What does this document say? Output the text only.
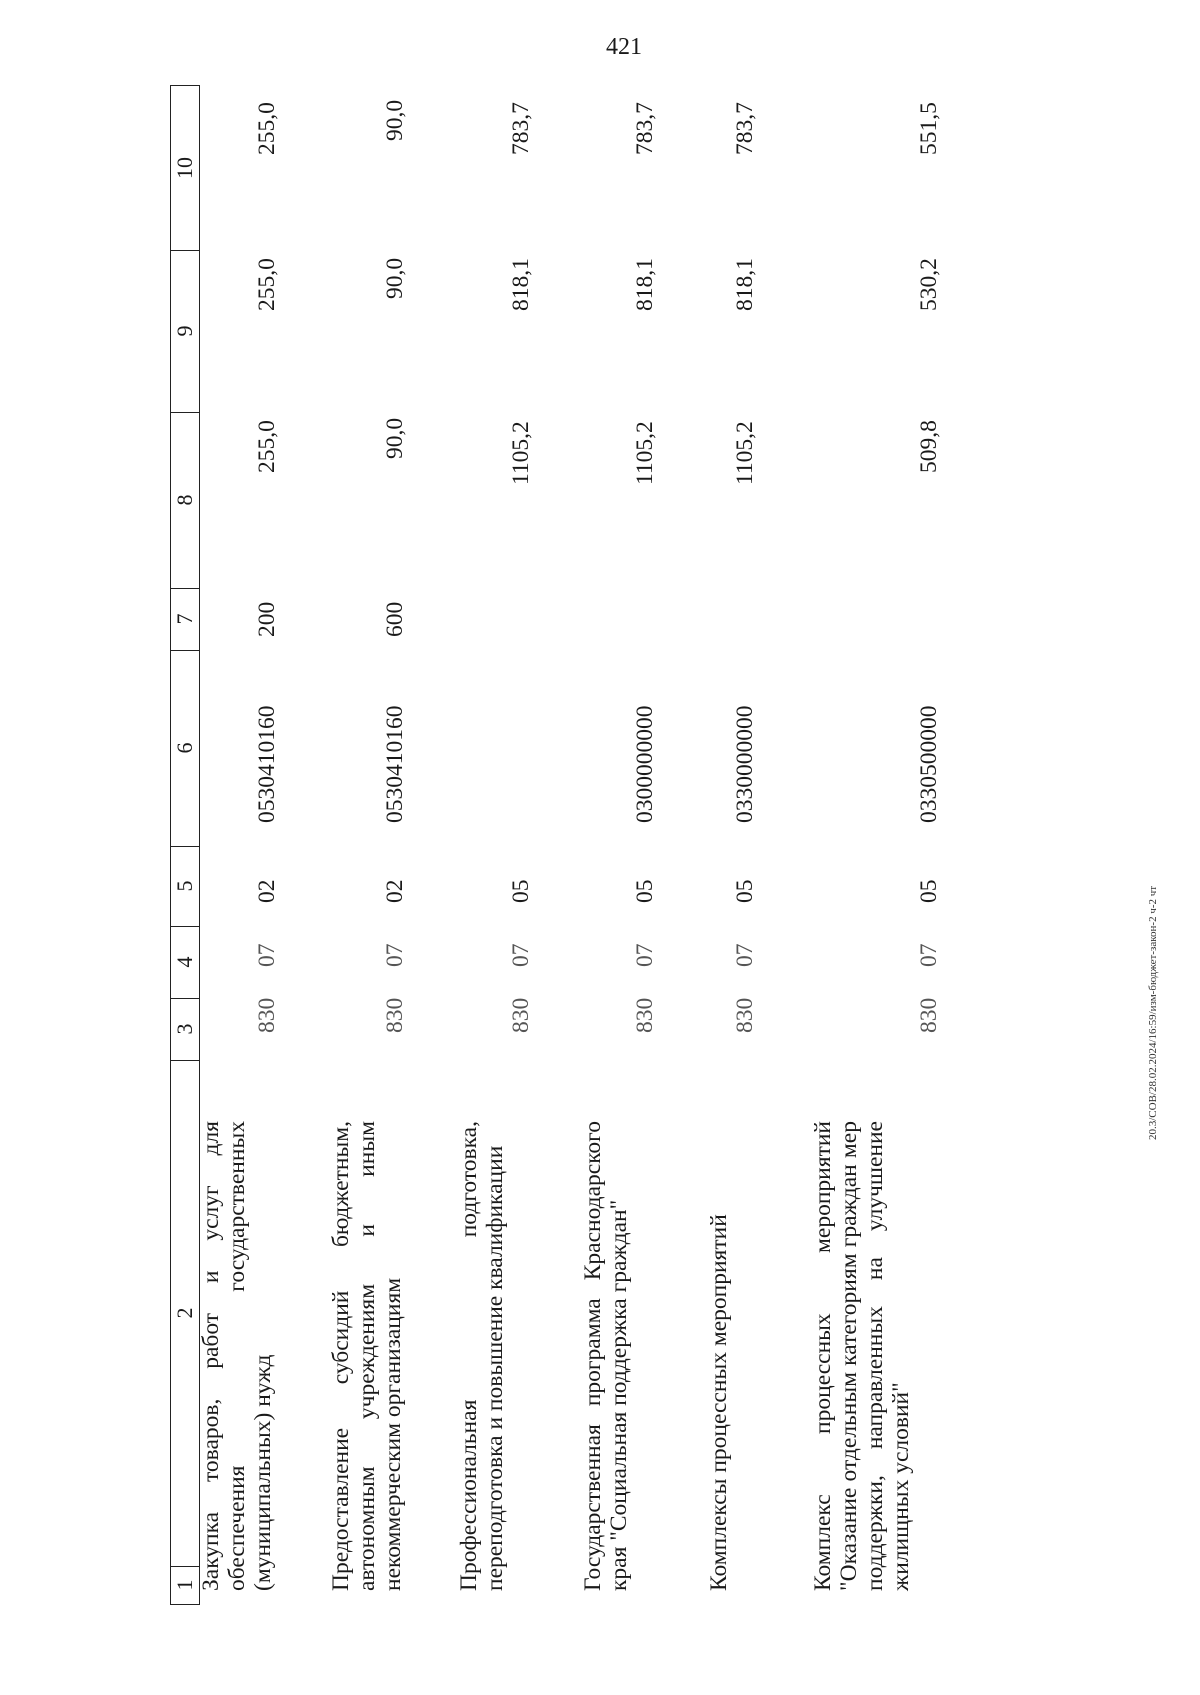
421
1
2
3
4
5
6
7
8
9
10
Закупка товаров, работ и услуг для обеспечения государственных (муниципальных) нужд
830
07
02
0530410160
200
255,0
255,0
255,0
Предоставление субсидий бюджетным, автономным учреждениям и иным некоммерческим организациям
830
07
02
0530410160
600
90,0
90,0
90,0
Профессиональная подготовка, переподготовка и повышение квалификации
830
07
05
1105,2
818,1
783,7
Государственная программа Краснодарского края "Социальная поддержка граждан"
830
07
05
0300000000
1105,2
818,1
783,7
Комплексы процессных мероприятий
830
07
05
0330000000
1105,2
818,1
783,7
Комплекс процессных мероприятий "Оказание отдельным категориям граждан мер поддержки, направленных на улучшение жилищных условий"
830
07
05
0330500000
509,8
530,2
551,5
20.3/СОВ/28.02.2024/16:59/изм-бюджет-закон-2 ч-2 чт
